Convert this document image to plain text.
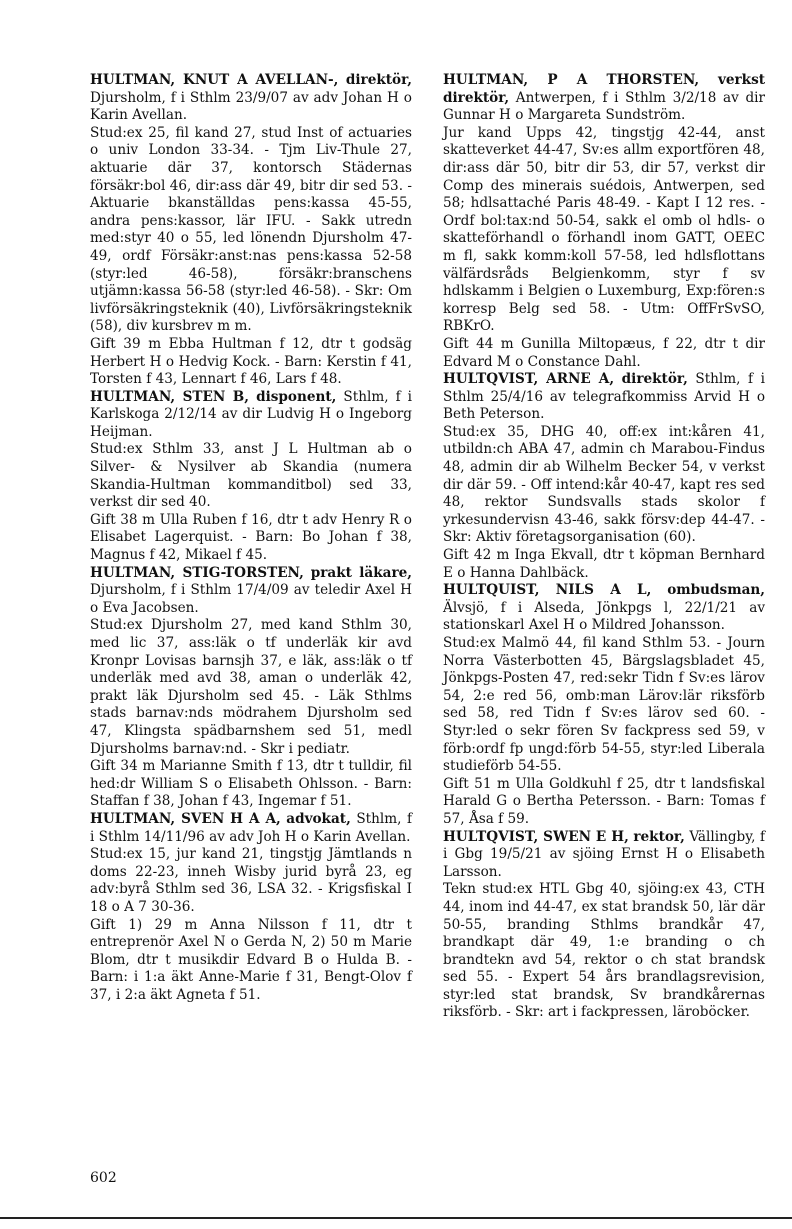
HULTMAN, KNUT A AVELLAN-, direktör, Djursholm, f i Sthlm 23/9/07 av adv Johan H o Karin Avellan.

Stud:ex 25, fil kand 27, stud Inst of actuaries o univ London 33-34. - Tjm Liv-Thule 27, aktuarie där 37, kontorsch Städernas försäkr:bol 46, dir:ass där 49, bitr dir sed 53. - Aktuarie bkanställdas pens:kassa 45-55, andra pens:kassor, lär IFU. - Sakk utredn med:styr 40 o 55, led lönendn Djursholm 47-49, ordf Försäkr:anst:nas pens:kassa 52-58 (styr:led 46-58), försäkr:branschens utjämn:kassa 56-58 (styr:led 46-58). - Skr: Om livförsäkringsteknik (40), Livförsäkringsteknik (58), div kursbrev m m.

Gift 39 m Ebba Hultman f 12, dtr t godsäg Herbert H o Hedvig Kock. - Barn: Kerstin f 41, Torsten f 43, Lennart f 46, Lars f 48.

HULTMAN, STEN B, disponent, Sthlm, f i Karlskoga 2/12/14 av dir Ludvig H o Ingeborg Heijman.

Stud:ex Sthlm 33, anst J L Hultman ab o Silver- & Nysilver ab Skandia (numera Skandia-Hultman kommanditbol) sed 33, verkst dir sed 40.

Gift 38 m Ulla Ruben f 16, dtr t adv Henry R o Elisabet Lagerquist. - Barn: Bo Johan f 38, Magnus f 42, Mikael f 45.

HULTMAN, STIG-TORSTEN, prakt läkare, Djursholm, f i Sthlm 17/4/09 av teledir Axel H o Eva Jacobsen.

Stud:ex Djursholm 27, med kand Sthlm 30, med lic 37, ass:läk o tf underläk kir avd Kronpr Lovisas barnsjh 37, e läk, ass:läk o tf underläk med avd 38, aman o underläk 42, prakt läk Djursholm sed 45. - Läk Sthlms stads barnav:nds mödrahem Djursholm sed 47, Klingsta spädbarnshem sed 51, medl Djursholms barnav:nd. - Skr i pediatr.

Gift 34 m Marianne Smith f 13, dtr t tulldir, fil hed:dr William S o Elisabeth Ohlsson. - Barn: Staffan f 38, Johan f 43, Ingemar f 51.

HULTMAN, SVEN H A A, advokat, Sthlm, f i Sthlm 14/11/96 av adv Joh H o Karin Avellan.

Stud:ex 15, jur kand 21, tingstjg Jämtlands n doms 22-23, inneh Wisby jurid byrå 23, eg adv:byrå Sthlm sed 36, LSA 32. - Krigsfiskal I 18 o A 7 30-36.

Gift 1) 29 m Anna Nilsson f 11, dtr t entreprenör Axel N o Gerda N, 2) 50 m Marie Blom, dtr t musikdir Edvard B o Hulda B. - Barn: i 1:a äkt Anne-Marie f 31, Bengt-Olov f 37, i 2:a äkt Agneta f 51.

HULTMAN, P A THORSTEN, verkst direktör, Antwerpen, f i Sthlm 3/2/18 av dir Gunnar H o Margareta Sundström.

Jur kand Upps 42, tingstjg 42-44, anst skatteverket 44-47, Sv:es allm exportfören 48, dir:ass där 50, bitr dir 53, dir 57, verkst dir Comp des minerais suédois, Antwerpen, sed 58; hdlsattaché Paris 48-49. - Kapt I 12 res. - Ordf bol:tax:nd 50-54, sakk el omb ol hdls- o skatteförhandl o förhandl inom GATT, OEEC m fl, sakk komm:koll 57-58, led hdlsflottans välfärdsråds Belgienkomm, styr f sv hdlskamm i Belgien o Luxemburg, Exp:fören:s korresp Belg sed 58. - Utm: OffFrSvSO, RBKrO.

Gift 44 m Gunilla Miltopæus, f 22, dtr t dir Edvard M o Constance Dahl.

HULTQVIST, ARNE A, direktör, Sthlm, f i Sthlm 25/4/16 av telegrafkommiss Arvid H o Beth Peterson.

Stud:ex 35, DHG 40, off:ex int:kåren 41, utbildn:ch ABA 47, admin ch Marabou-Findus 48, admin dir ab Wilhelm Becker 54, v verkst dir där 59. - Off intend:kår 40-47, kapt res sed 48, rektor Sundsvalls stads skolor f yrkesundervisn 43-46, sakk försv:dep 44-47. - Skr: Aktiv företagsorganisation (60).

Gift 42 m Inga Ekvall, dtr t köpman Bernhard E o Hanna Dahlbäck.

HULTQUIST, NILS A L, ombudsman, Älvsjö, f i Alseda, Jönkpgs l, 22/1/21 av stationskarl Axel H o Mildred Johansson.

Stud:ex Malmö 44, fil kand Sthlm 53. - Journ Norra Västerbotten 45, Bärgslagsbladet 45, Jönkpgs-Posten 47, red:sekr Tidn f Sv:es lärov 54, 2:e red 56, omb:man Lärov:lär riksförb sed 58, red Tidn f Sv:es lärov sed 60. - Styr:led o sekr fören Sv fackpress sed 59, v förb:ordf fp ungd:förb 54-55, styr:led Liberala studieförb 54-55.

Gift 51 m Ulla Goldkuhl f 25, dtr t landsfiskal Harald G o Bertha Petersson. - Barn: Tomas f 57, Åsa f 59.

HULTQVIST, SWEN E H, rektor, Vällingby, f i Gbg 19/5/21 av sjöing Ernst H o Elisabeth Larsson.

Tekn stud:ex HTL Gbg 40, sjöing:ex 43, CTH 44, inom ind 44-47, ex stat brandsk 50, lär där 50-55, branding Sthlms brandkår 47, brandkapt där 49, 1:e branding o ch brandtekn avd 54, rektor o ch stat brandsk sed 55. - Expert 54 års brandlagsrevision, styr:led stat brandsk, Sv brandkårernas riksförb. - Skr: art i fackpressen, läroböcker.

602
